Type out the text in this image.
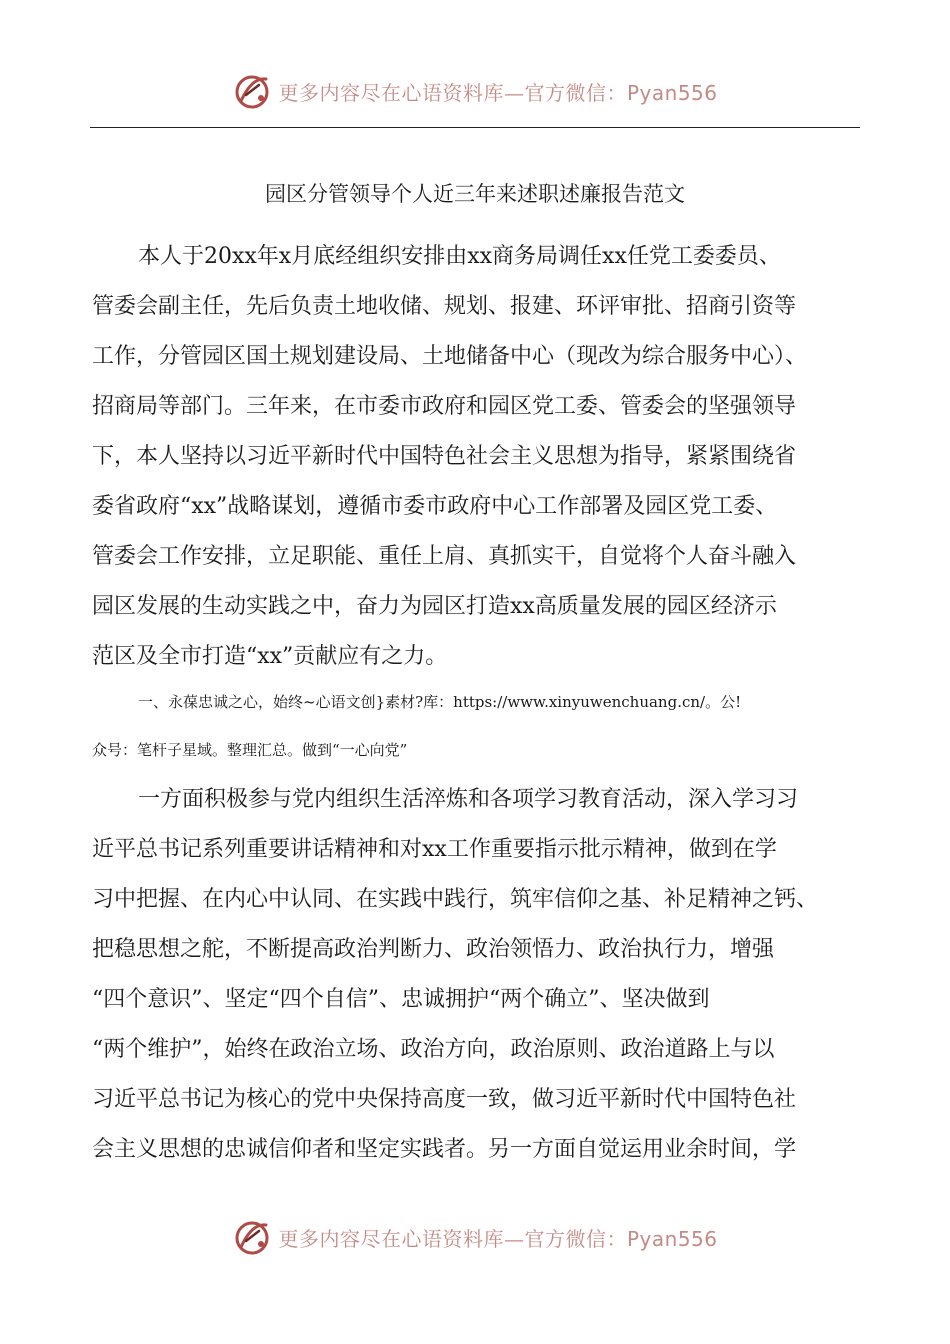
更多内容尽在心语资料库—官方微信：Pyan556
园区分管领导个人近三年来述职述廉报告范文
本人于20xx年x月底经组织安排由xx商务局调任xx任党工委委员、
管委会副主任，先后负责土地收储、规划、报建、环评审批、招商引资等
工作，分管园区国土规划建设局、土地储备中心（现改为综合服务中心）、
招商局等部门。三年来，在市委市政府和园区党工委、管委会的坚强领导
下，本人坚持以习近平新时代中国特色社会主义思想为指导，紧紧围绕省
委省政府“xx”战略谋划，遵循市委市政府中心工作部署及园区党工委、
管委会工作安排，立足职能、重任上肩、真抓实干，自觉将个人奋斗融入
园区发展的生动实践之中，奋力为园区打造xx高质量发展的园区经济示
范区及全市打造“xx”贡献应有之力。
一、永葆忠诚之心，始终~心语文创}素材?库：https://www.xinyuwenchuang.cn/。公!
众号：笔杆子星域。整理汇总。做到“一心向党”
一方面积极参与党内组织生活淬炼和各项学习教育活动，深入学习习
近平总书记系列重要讲话精神和对xx工作重要指示批示精神，做到在学
习中把握、在内心中认同、在实践中践行，筑牢信仰之基、补足精神之钙、
把稳思想之舵，不断提高政治判断力、政治领悟力、政治执行力，增强
“四个意识”、坚定“四个自信”、忠诚拥护“两个确立”、坚决做到
“两个维护”，始终在政治立场、政治方向，政治原则、政治道路上与以
习近平总书记为核心的党中央保持高度一致，做习近平新时代中国特色社
会主义思想的忠诚信仰者和坚定实践者。另一方面自觉运用业余时间，学
更多内容尽在心语资料库—官方微信：Pyan556
